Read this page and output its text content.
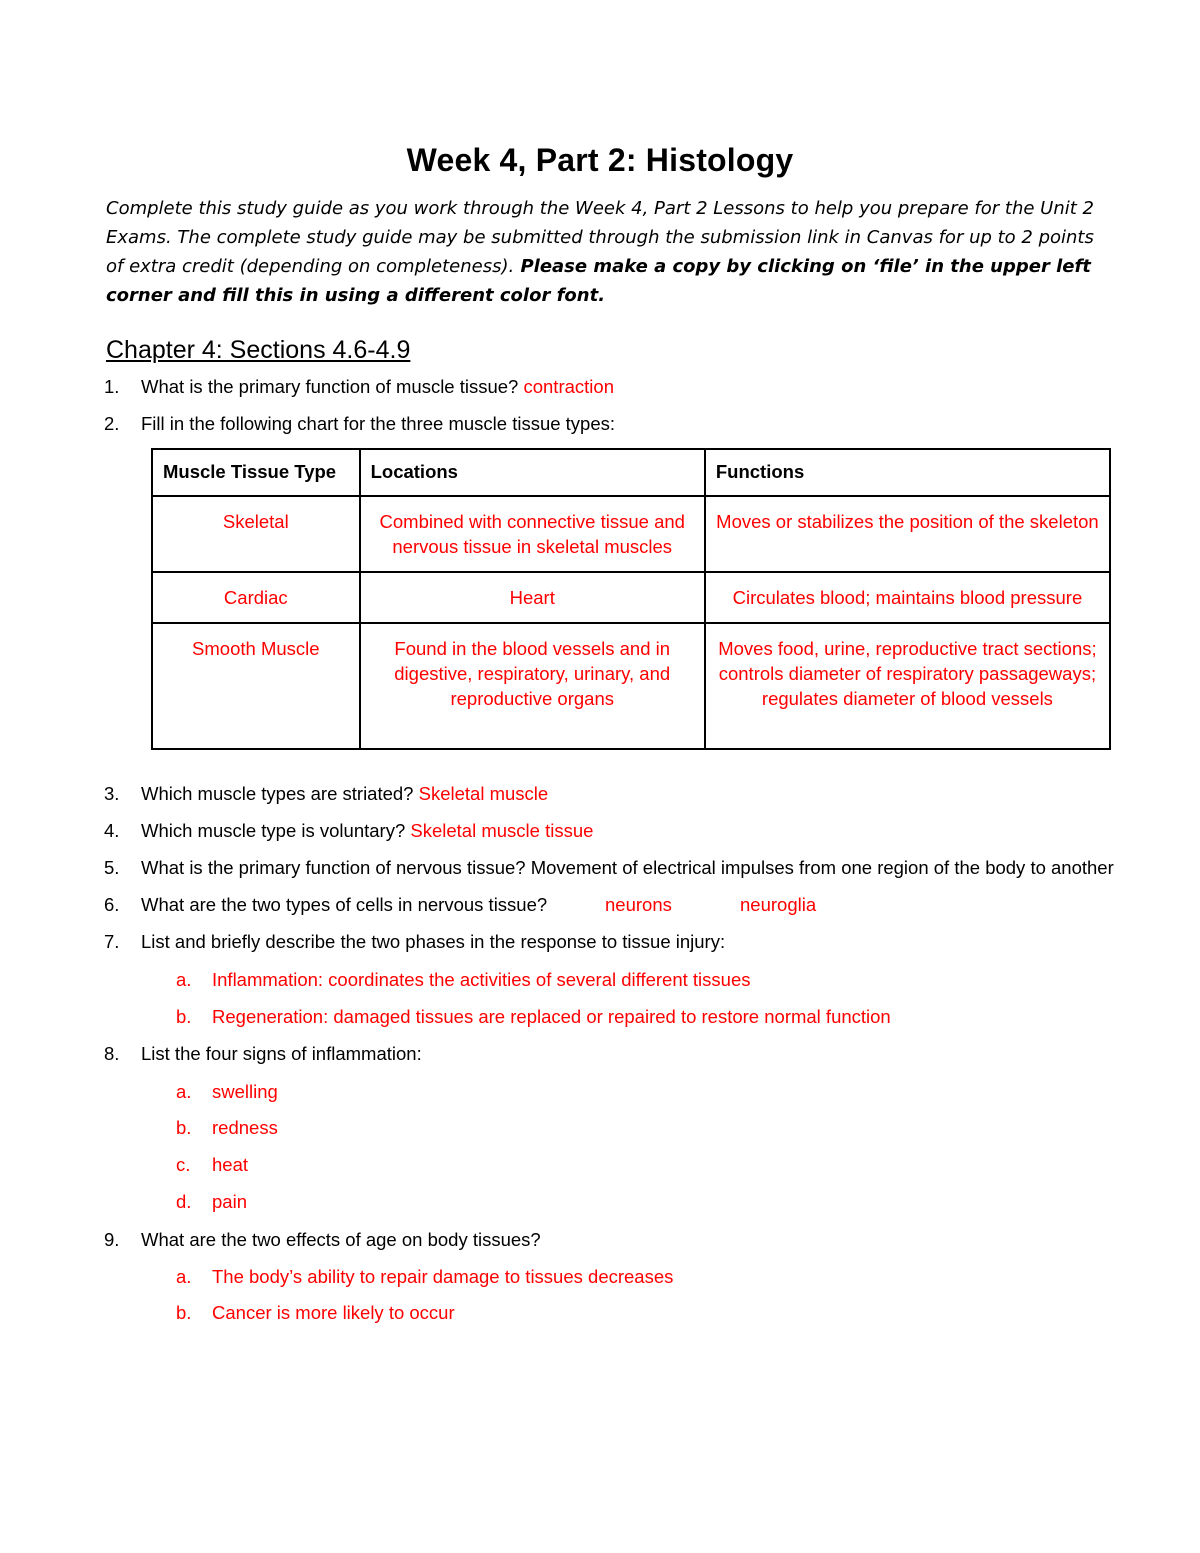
Week 4, Part 2: Histology
Complete this study guide as you work through the Week 4, Part 2 Lessons to help you prepare for the Unit 2 Exams. The complete study guide may be submitted through the submission link in Canvas for up to 2 points of extra credit (depending on completeness). Please make a copy by clicking on ‘file’ in the upper left corner and fill this in using a different color font.
Chapter 4: Sections 4.6-4.9
1. What is the primary function of muscle tissue? contraction
2. Fill in the following chart for the three muscle tissue types:
Muscle Tissue Type	Locations	Functions
Skeletal	Combined with connective tissue and nervous tissue in skeletal muscles	Moves or stabilizes the position of the skeleton
Cardiac	Heart	Circulates blood; maintains blood pressure
Smooth Muscle	Found in the blood vessels and in digestive, respiratory, urinary, and reproductive organs	Moves food, urine, reproductive tract sections; controls diameter of respiratory passageways; regulates diameter of blood vessels
3. Which muscle types are striated? Skeletal muscle
4. Which muscle type is voluntary? Skeletal muscle tissue
5. What is the primary function of nervous tissue? Movement of electrical impulses from one region of the body to another
6. What are the two types of cells in nervous tissue?	neurons	neuroglia
7. List and briefly describe the two phases in the response to tissue injury:
a. Inflammation: coordinates the activities of several different tissues
b. Regeneration: damaged tissues are replaced or repaired to restore normal function
8. List the four signs of inflammation:
a. swelling
b. redness
c. heat
d. pain
9. What are the two effects of age on body tissues?
a. The body’s ability to repair damage to tissues decreases
b. Cancer is more likely to occur
